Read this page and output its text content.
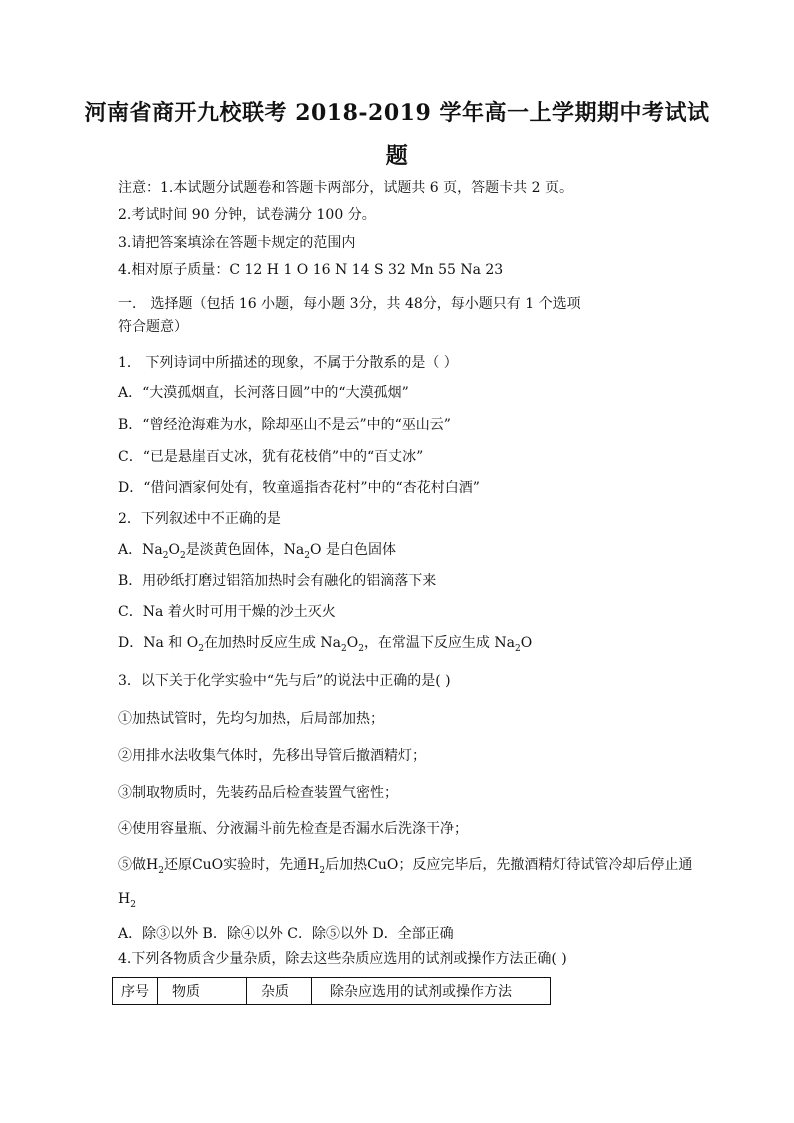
河南省商开九校联考 2018-2019 学年高一上学期期中考试试
题
注意：1.本试题分试题卷和答题卡两部分，试题共 6 页，答题卡共 2 页。
2.考试时间 90 分钟，试卷满分 100 分。
3.请把答案填涂在答题卡规定的范围内
4.相对原子质量：C 12 H 1 O 16 N 14 S 32 Mn 55 Na 23
一． 选择题（包括 16 小题，每小题 3分，共 48分，每小题只有 1 个选项
符合题意）
1． 下列诗词中所描述的现象，不属于分散系的是（ ）
A．“大漠孤烟直，长河落日圆”中的“大漠孤烟”
B．“曾经沧海难为水，除却巫山不是云”中的“巫山云”
C．“已是悬崖百丈冰，犹有花枝俏”中的“百丈冰”
D．“借问酒家何处有，牧童遥指杏花村”中的“杏花村白酒”
2．下列叙述中不正确的是
A．$Na_2O_2$是淡黄色固体，$Na_2O$ 是白色固体
B．用砂纸打磨过铝箔加热时会有融化的铝滴落下来
C．Na 着火时可用干燥的沙土灭火
D．Na 和 $O_2$在加热时反应生成 $Na_2O_2$，在常温下反应生成 $Na_2O$
3．以下关于化学实验中“先与后”的说法中正确的是( )
①加热试管时，先均匀加热，后局部加热；
②用排水法收集气体时，先移出导管后撤酒精灯；
③制取物质时，先装药品后检查装置气密性；
④使用容量瓶、分液漏斗前先检查是否漏水后洗涤干净；
⑤做$H_2$还原CuO实验时，先通$H_2$后加热CuO；反应完毕后，先撤酒精灯待试管冷却后停止通
$H_2$
A．除③以外 B．除④以外 C．除⑤以外 D．全部正确
4.下列各物质含少量杂质，除去这些杂质应选用的试剂或操作方法正确( )
序号	物质	杂质	除杂应选用的试剂或操作方法
